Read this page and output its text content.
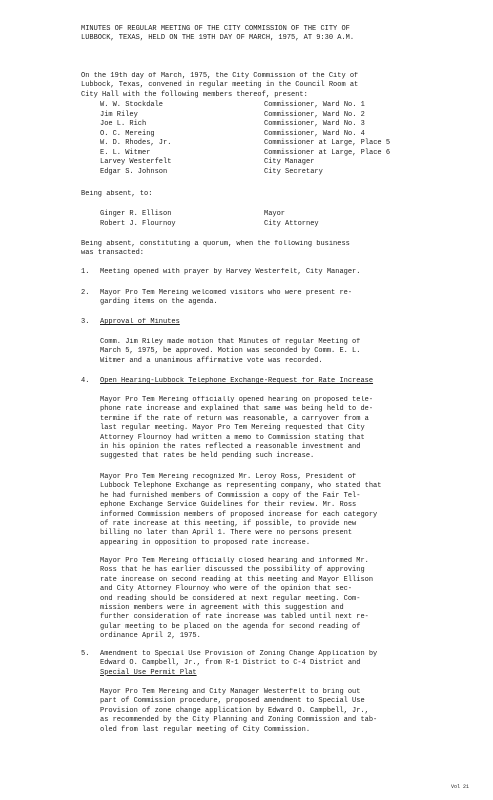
MINUTES OF REGULAR MEETING OF THE CITY COMMISSION OF THE CITY OF
LUBBOCK, TEXAS, HELD ON THE 19TH DAY OF MARCH, 1975, AT 9:30 A.M.
On the 19th day of March, 1975, the City Commission of the City of
Lubbock, Texas, convened in regular meeting in the Council Room at
City Hall with the following members thereof, present:
W. W. Stockdale	Commissioner, Ward No. 1
Jim Riley	Commissioner, Ward No. 2
Joe L. Rich	Commissioner, Ward No. 3
O. C. Mereing	Commissioner, Ward No. 4
W. D. Rhodes, Jr.	Commissioner at Large, Place 5
E. L. Witmer	Commissioner at Large, Place 6
Larvey Westerfelt	City Manager
Edgar S. Johnson	City Secretary
Being absent, to:
Ginger R. Ellison	Mayor
Robert J. Flournoy	City Attorney
Being absent, constituting a quorum, when the following business
was transacted:
1.	Meeting opened with prayer by Harvey Westerfelt, City Manager.
2.	Mayor Pro Tem Mereing welcomed visitors who were present re-
garding items on the agenda.
3.	Approval of Minutes
Comm. Jim Riley made motion that Minutes of regular Meeting of
March 5, 1975, be approved. Motion was seconded by Comm. E. L.
Witmer and a unanimous affirmative vote was recorded.
4.	Open Hearing-Lubbock Telephone Exchange-Request for Rate Increase
Mayor Pro Tem Mereing officially opened hearing on proposed tele-
phone rate increase and explained that same was being held to de-
termine if the rate of return was reasonable, a carryover from a
last regular meeting. Mayor Pro Tem Mereing requested that City
Attorney Flournoy had written a memo to Commission stating that
in his opinion the rates reflected a reasonable investment and
suggested that rates be held pending such increase.
Mayor Pro Tem Mereing recognized Mr. Leroy Ross, President of
Lubbock Telephone Exchange as representing company, who stated that
he had furnished members of Commission a copy of the Fair Tel-
ephone Exchange Service Guidelines for their review. Mr. Ross
informed Commission members of proposed increase for each category
of rate increase at this meeting, if possible, to provide new
billing no later than April 1. There were no persons present
appearing in opposition to proposed rate increase.
Mayor Pro Tem Mereing officially closed hearing and informed Mr.
Ross that he has earlier discussed the possibility of approving
rate increase on second reading at this meeting and Mayor Ellison
and City Attorney Flournoy who were of the opinion that sec-
ond reading should be considered at next regular meeting. Com-
mission members were in agreement with this suggestion and
further consideration of rate increase was tabled until next re-
gular meeting to be placed on the agenda for second reading of
ordinance April 2, 1975.
5.	Amendment to Special Use Provision of Zoning Change Application by
Edward O. Campbell, Jr., from R-1 District to C-4 District and
Special Use Permit Plat
Mayor Pro Tem Mereing and City Manager Westerfelt to bring out
part of Commission procedure, proposed amendment to Special Use
Provision of zone change application by Edward O. Campbell, Jr.,
as recommended by the City Planning and Zoning Commission and tab-
oled from last regular meeting of City Commission.
Vol 21
